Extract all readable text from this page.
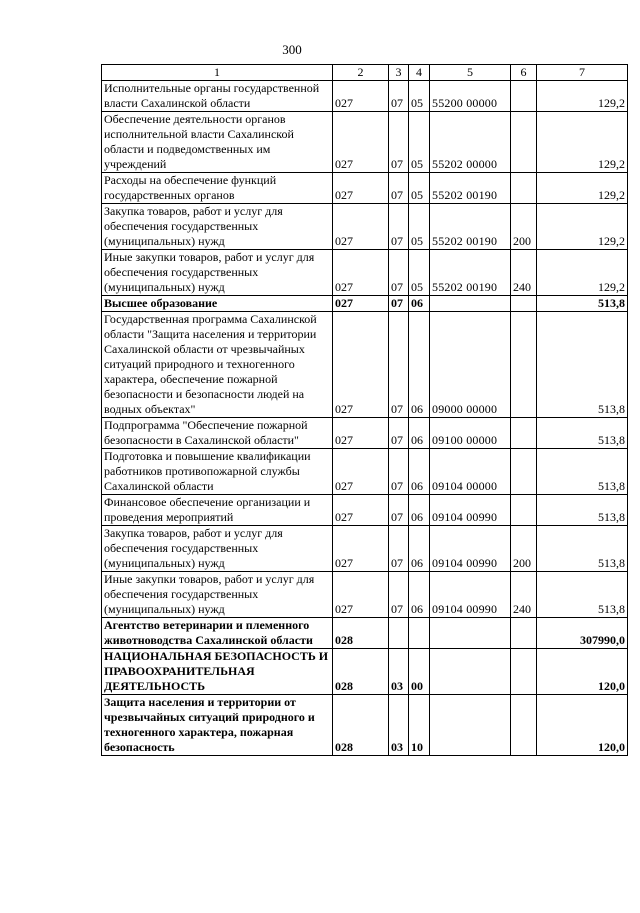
300
1	2	3	4	5	6	7
Исполнительные органы государственной власти Сахалинской области	027	07	05	55200 00000		129,2
Обеспечение деятельности органов исполнительной власти Сахалинской области и подведомственных им учреждений	027	07	05	55202 00000		129,2
Расходы на обеспечение функций государственных органов	027	07	05	55202 00190		129,2
Закупка товаров, работ и услуг для обеспечения государственных (муниципальных) нужд	027	07	05	55202 00190	200	129,2
Иные закупки товаров, работ и услуг для обеспечения государственных (муниципальных) нужд	027	07	05	55202 00190	240	129,2
Высшее образование	027	07	06			513,8
Государственная программа Сахалинской области "Защита населения и территории Сахалинской области от чрезвычайных ситуаций природного и техногенного характера, обеспечение пожарной безопасности и безопасности людей на водных объектах"	027	07	06	09000 00000		513,8
Подпрограмма "Обеспечение пожарной безопасности в Сахалинской области"	027	07	06	09100 00000		513,8
Подготовка и повышение квалификации работников противопожарной службы Сахалинской области	027	07	06	09104 00000		513,8
Финансовое обеспечение организации и проведения мероприятий	027	07	06	09104 00990		513,8
Закупка товаров, работ и услуг для обеспечения государственных (муниципальных) нужд	027	07	06	09104 00990	200	513,8
Иные закупки товаров, работ и услуг для обеспечения государственных (муниципальных) нужд	027	07	06	09104 00990	240	513,8
Агентство ветеринарии и племенного животноводства Сахалинской области	028					307990,0
НАЦИОНАЛЬНАЯ БЕЗОПАСНОСТЬ И ПРАВООХРАНИТЕЛЬНАЯ ДЕЯТЕЛЬНОСТЬ	028	03	00			120,0
Защита населения и территории от чрезвычайных ситуаций природного и техногенного характера, пожарная безопасность	028	03	10			120,0
